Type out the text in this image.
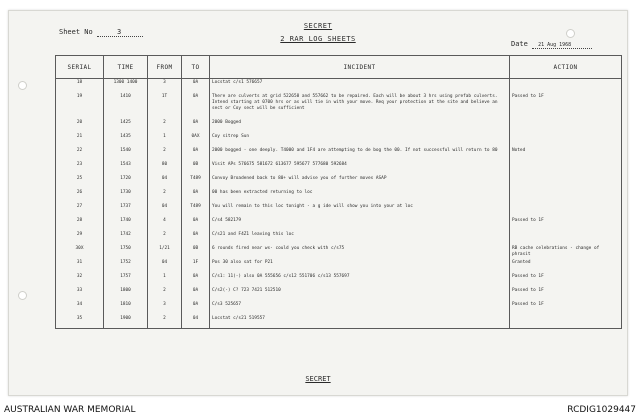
SECRET
Sheet No	3
2 RAR LOG SHEETS
Date 21 Aug 1968
SERIAL	TIME	FROM	TO	INCIDENT	ACTION
18	1300 1400	3	0A	Locstat c/s1 576657	
19	1410	1T	0A	There are culverts at grid 522658 and 557662 to be repaired. Each will be about 3 hrs using prefab culverts. Intend starting at 0700 hrs or as will tie in with your move. Req your protection at the site and believe an sect or Coy sect will be sufficient	Passed to 1F
20	1425	2	0A	2000 Bogged	
21	1435	1	0AX	Coy sitrep Sun	
22	1540	2	0A	2000 bogged - one deeply. T4000 and 1F4 are attempting to de bog the 00. If not successful will return to 80	Noted
23	1543	80	0B	Visit APs 576675 581672 613677 595677 577680 592684	
25	1720	04	T489	Convoy Broadened back to 80+ will advise you of further moves ASAP	
26	1730	2	0A	00 has been extracted returning to loc	
27	1737	04	T489	You will remain to this loc tonight - a g ide will show you into your at loc	
28	1740	4	0A	C/s4 582179	Passed to 1F
29	1742	2	0A	C/s21 and F4Z1 leaving this loc	
30X	1750	1/21	0B	6 rounds fired near ws- could you check with c/s75	RB cache celebrations - change of phrasit
31	1752	04	1F	Pos 30 also sat for P21	Granted
32	1757	1	0A	C/s1: 11(-) also 0A 555656 c/s12 551706 c/s13 557697	Passed to 1F
33	1800	2	0A	C/s2(-) C? 723 7421 512510	Passed to 1F
34	1810	3	0A	C/s3 525657	Passed to 1F
35	1900	2	04	Locstat c/s21 519557	
SECRET
AUSTRALIAN WAR MEMORIAL	RCDIG1029447
